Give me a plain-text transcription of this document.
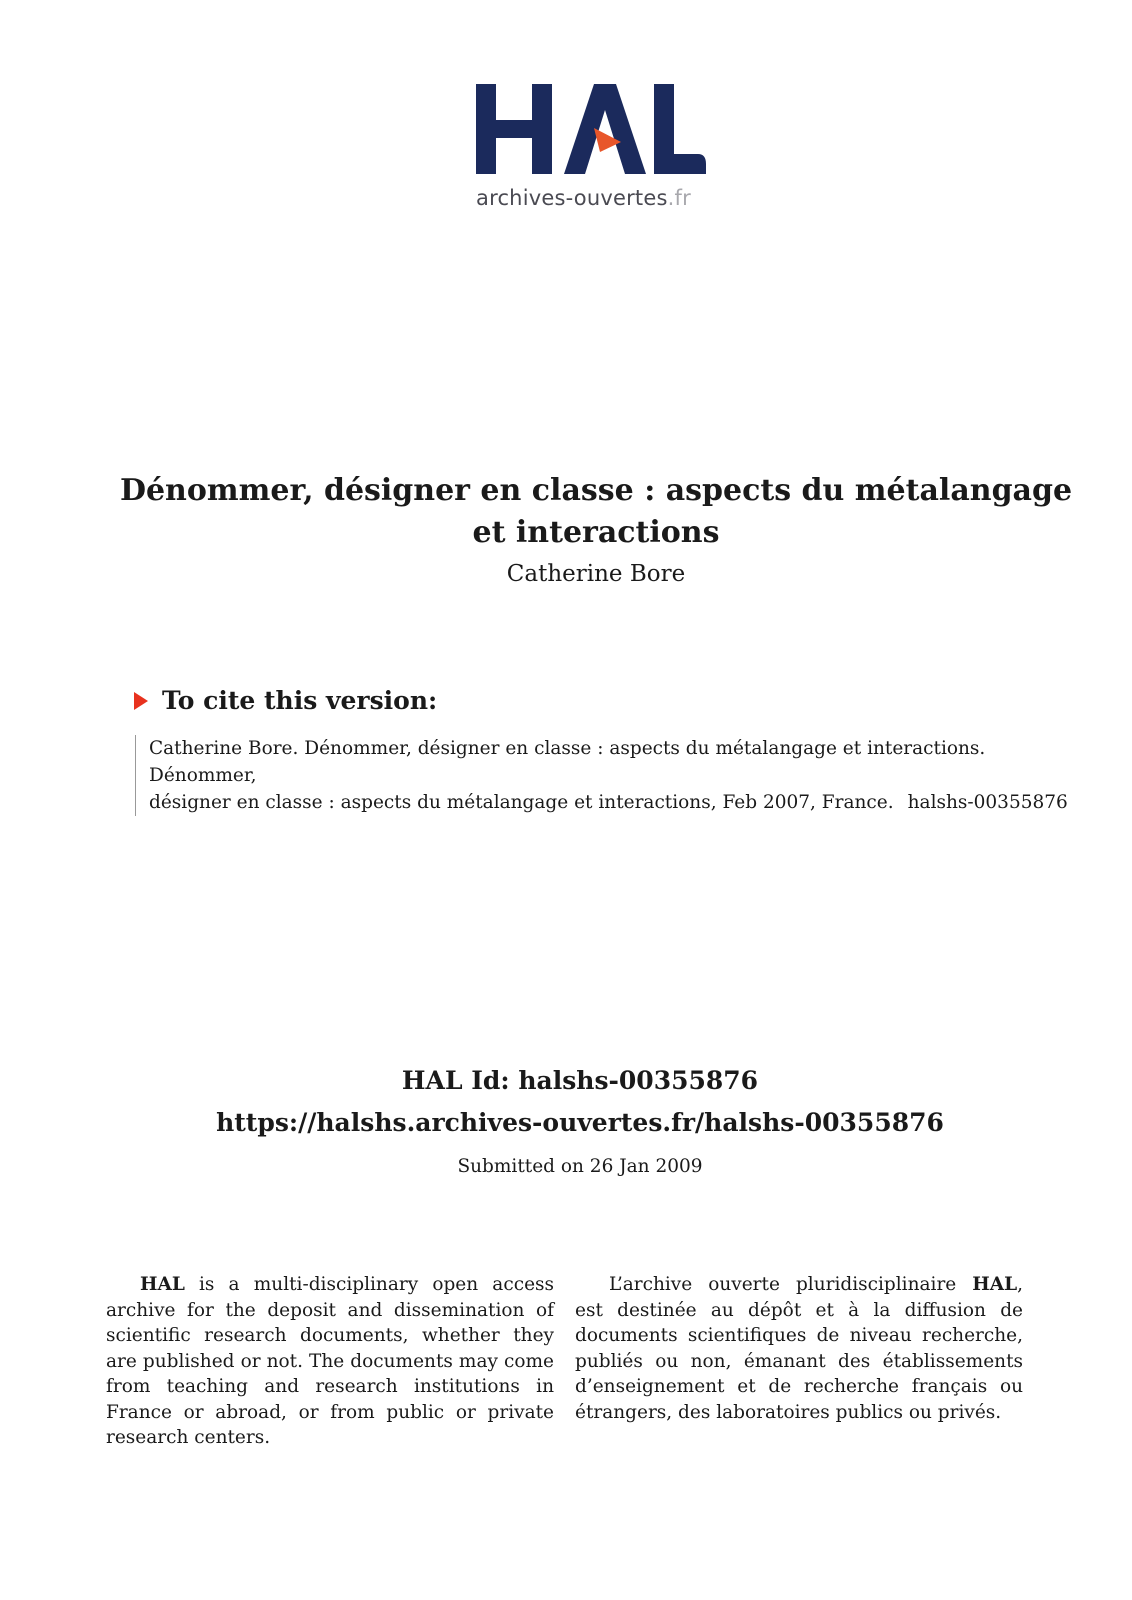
archives-ouvertes.fr
Dénommer, désigner en classe : aspects du métalangage
et interactions
Catherine Bore
To cite this version:
Catherine Bore. Dénommer, désigner en classe : aspects du métalangage et interactions. Dénommer,
désigner en classe : aspects du métalangage et interactions, Feb 2007, France. halshs-00355876
HAL Id: halshs-00355876
https://halshs.archives-ouvertes.fr/halshs-00355876
Submitted on 26 Jan 2009

HAL is a multi-disciplinary open access archive for the deposit and dissemination of scientific research documents, whether they are published or not. The documents may come from teaching and research institutions in France or abroad, or from public or private research centers.

L’archive ouverte pluridisciplinaire HAL, est destinée au dépôt et à la diffusion de documents scientifiques de niveau recherche, publiés ou non, émanant des établissements d’enseignement et de recherche français ou étrangers, des laboratoires publics ou privés.
